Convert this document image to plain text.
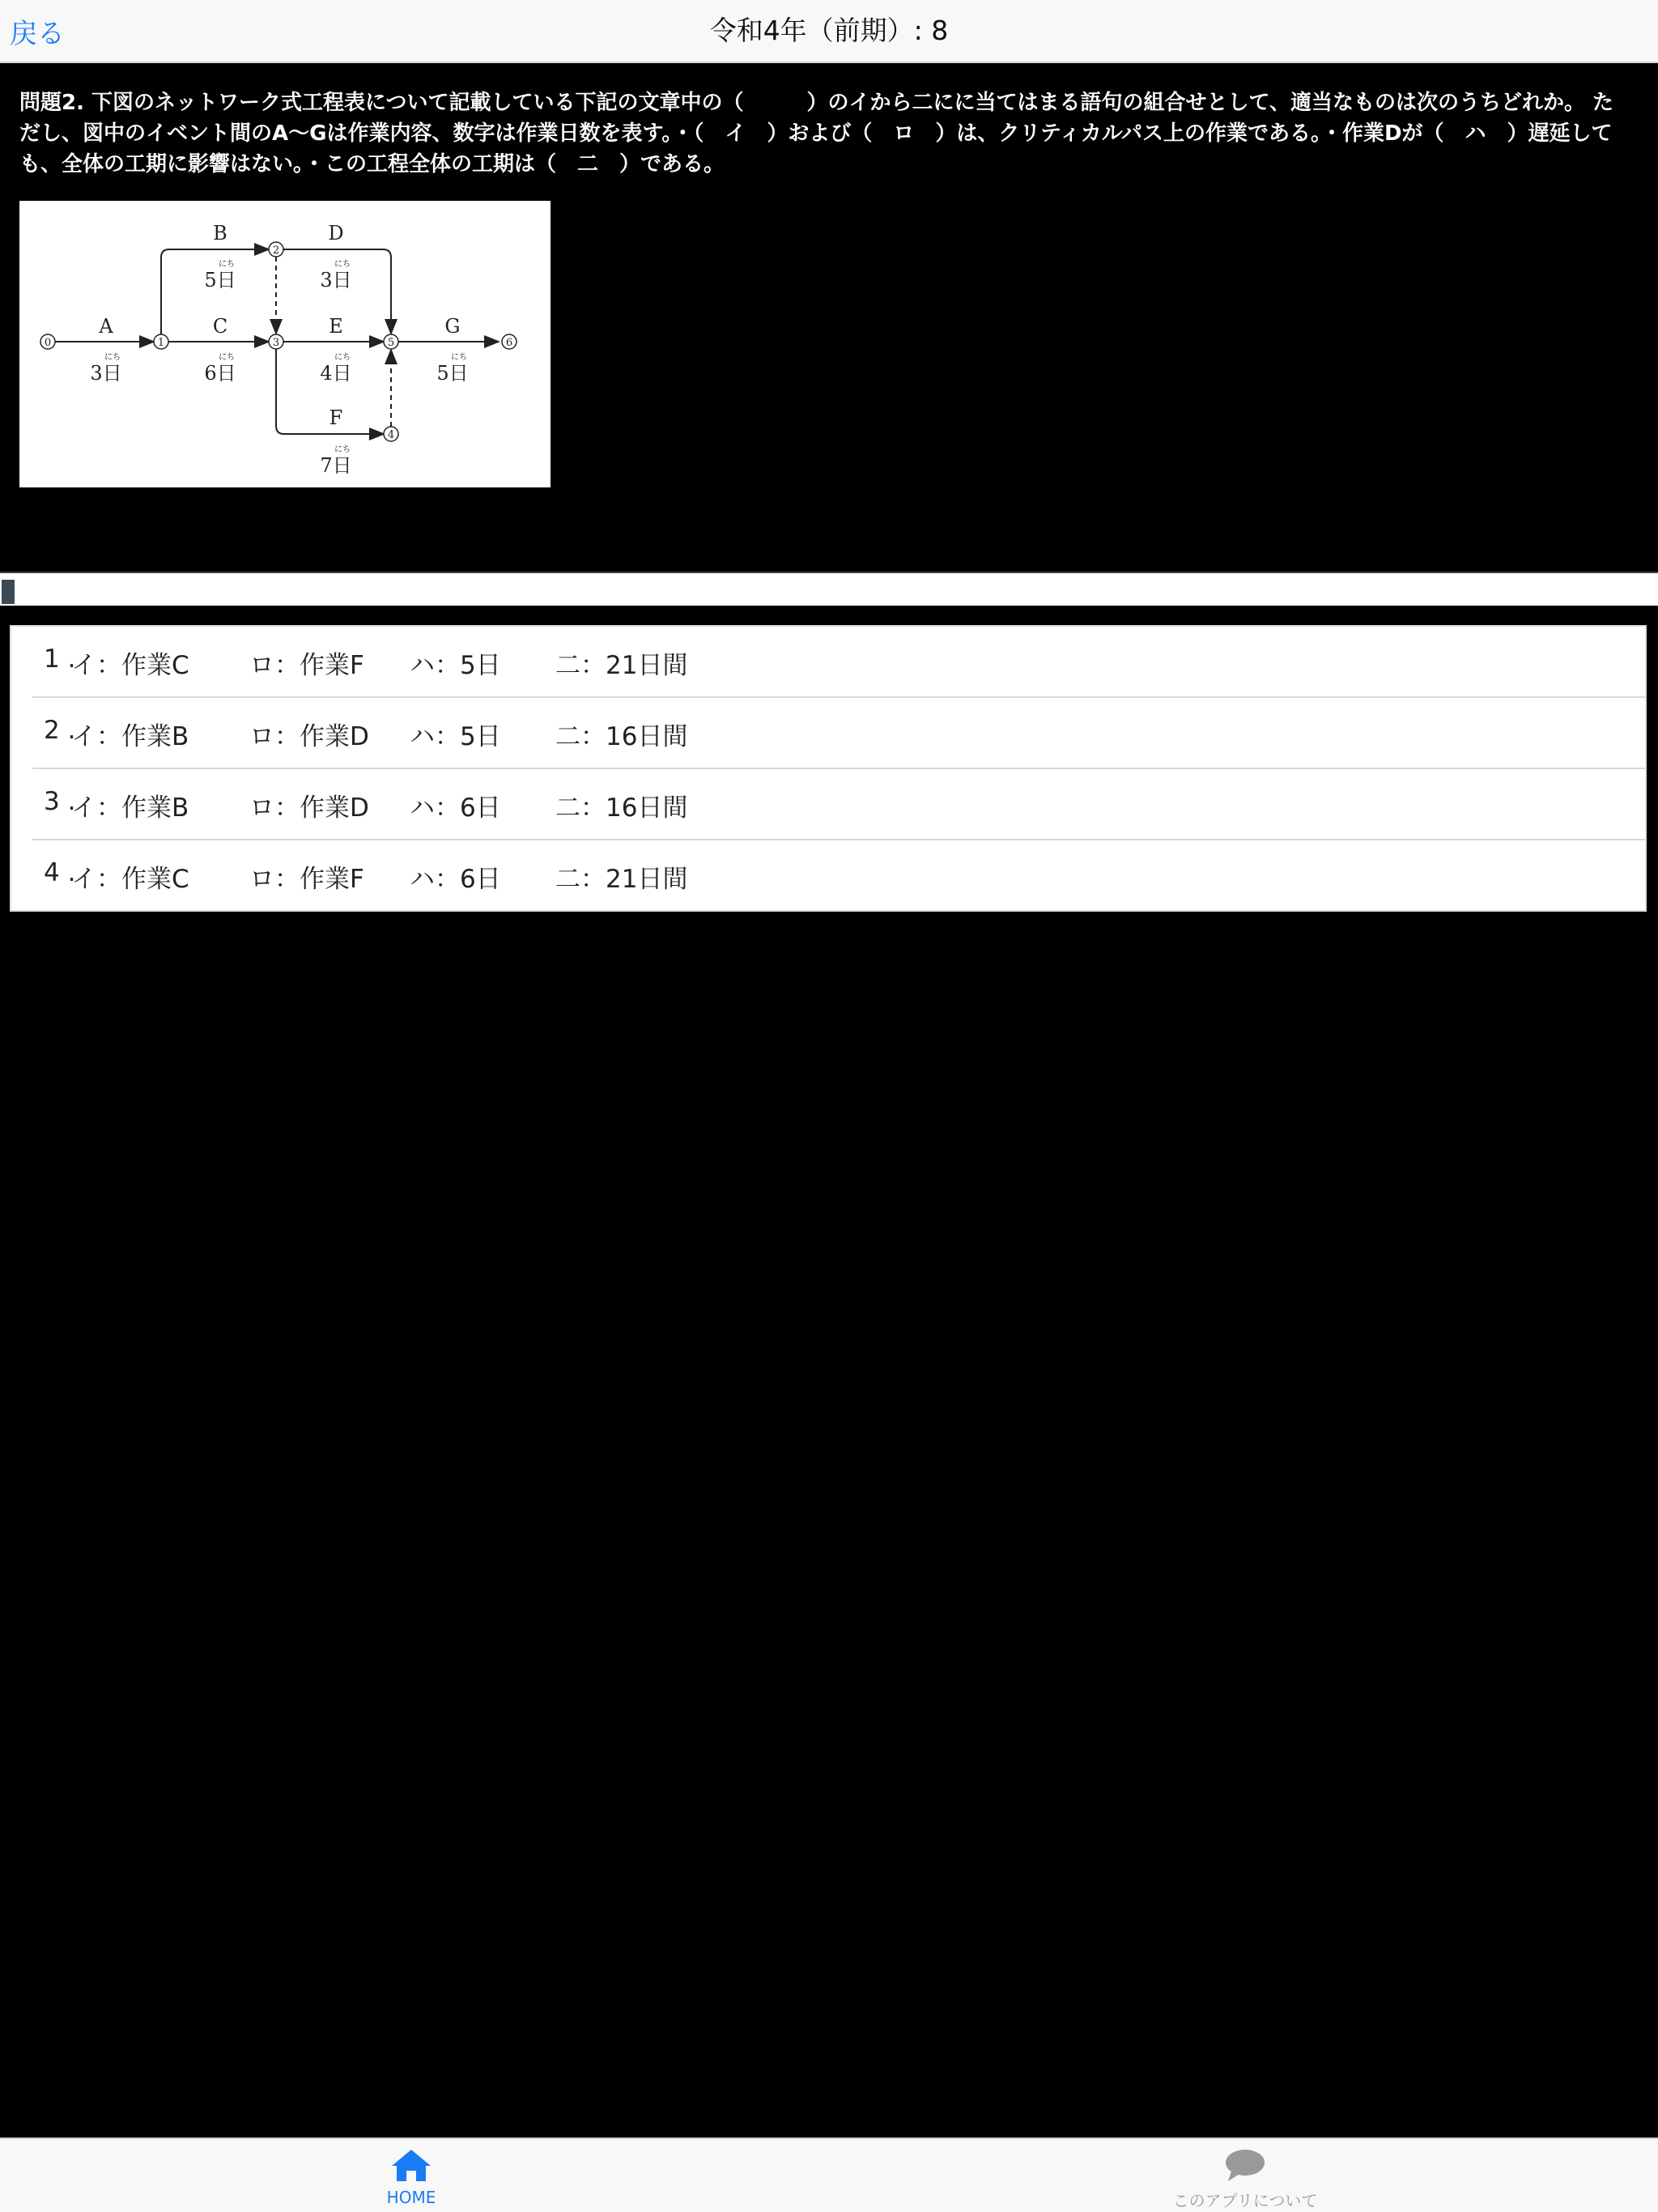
戻る	令和4年（前期）: 8
問題2. 下図のネットワーク式工程表について記載している下記の文章中の（　　　）のイから二にに当てはまる語句の組合せとして、適当なものは次のうちどれか。 ただし、図中のイベント間のA～Gは作業内容、数字は作業日数を表す。・（　イ　）および（　ロ　）は、クリティカルパス上の作業である。・作業Dが（　ハ　）遅延しても、全体の工期に影響はない。・この工程全体の工期は（　二　）である。
0	1
2
3
4
5	6
A
B
C
D
E
F
G
3日
5日
6日
3日
4日
7日
5日
にち
にち
にち
にち
にち
にち
にち
1 .
イ：作業C ロ：作業F ハ：5日 二：21日間
2 .
イ：作業B ロ：作業D ハ：5日 二：16日間
3 .
イ：作業B ロ：作業D ハ：6日 二：16日間
4 .
イ：作業C ロ：作業F ハ：6日 二：21日間
HOME	このアプリについて
